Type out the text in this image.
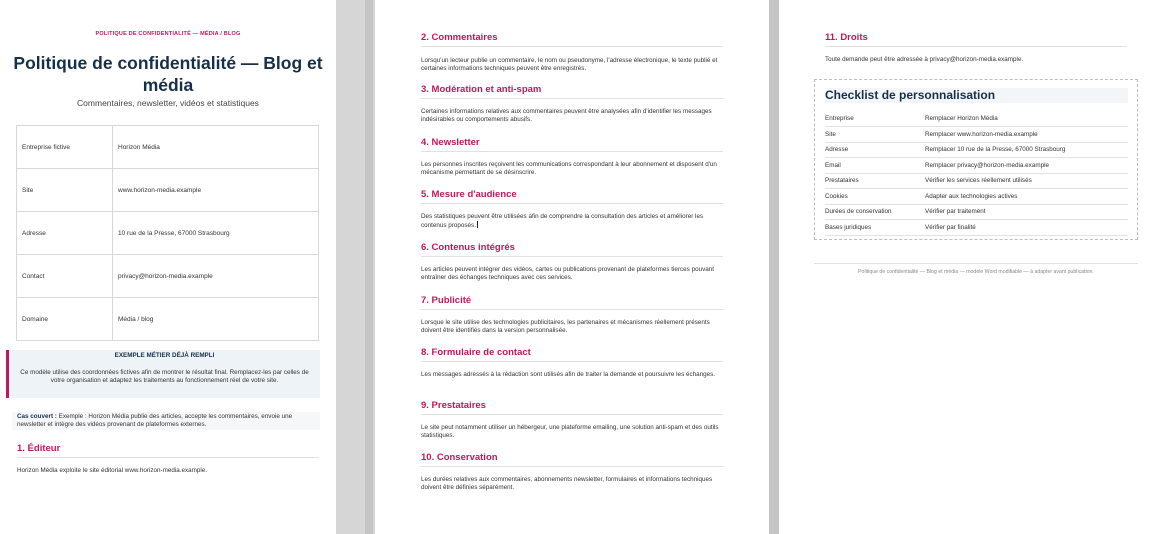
POLITIQUE DE CONFIDENTIALITÉ — MÉDIA / BLOG
Politique de confidentialité — Blog et média
Commentaires, newsletter, vidéos et statistiques
Entreprise fictive	Horizon Média
Site	www.horizon-media.example
Adresse	10 rue de la Presse, 67000 Strasbourg
Contact	privacy@horizon-media.example
Domaine	Média / blog
EXEMPLE MÉTIER DÉJÀ REMPLI
Ce modèle utilise des coordonnées fictives afin de montrer le résultat final. Remplacez-les par celles de votre organisation et adaptez les traitements au fonctionnement réel de votre site.
Cas couvert : Exemple : Horizon Média publie des articles, accepte les commentaires, envoie une newsletter et intègre des vidéos provenant de plateformes externes.
1. Éditeur
Horizon Média exploite le site éditorial www.horizon-media.example.
2. Commentaires
Lorsqu'un lecteur publie un commentaire, le nom ou pseudonyme, l'adresse électronique, le texte publié et certaines informations techniques peuvent être enregistrés.
3. Modération et anti-spam
Certaines informations relatives aux commentaires peuvent être analysées afin d'identifier les messages indésirables ou comportements abusifs.
4. Newsletter
Les personnes inscrites reçoivent les communications correspondant à leur abonnement et disposent d'un mécanisme permettant de se désinscrire.
5. Mesure d'audience
Des statistiques peuvent être utilisées afin de comprendre la consultation des articles et améliorer les contenus proposés.
6. Contenus intégrés
Les articles peuvent intégrer des vidéos, cartes ou publications provenant de plateformes tierces pouvant entraîner des échanges techniques avec ces services.
7. Publicité
Lorsque le site utilise des technologies publicitaires, les partenaires et mécanismes réellement présents doivent être identifiés dans la version personnalisée.
8. Formulaire de contact
Les messages adressés à la rédaction sont utilisés afin de traiter la demande et poursuivre les échanges.
9. Prestataires
Le site peut notamment utiliser un hébergeur, une plateforme emailing, une solution anti-spam et des outils statistiques.
10. Conservation
Les durées relatives aux commentaires, abonnements newsletter, formulaires et informations techniques doivent être définies séparément.
11. Droits
Toute demande peut être adressée à privacy@horizon-media.example.
Checklist de personnalisation
Entreprise	Remplacer Horizon Média
Site	Remplacer www.horizon-media.example
Adresse	Remplacer 10 rue de la Presse, 67000 Strasbourg
Email	Remplacer privacy@horizon-media.example
Prestataires	Vérifier les services réellement utilisés
Cookies	Adapter aux technologies actives
Durées de conservation	Vérifier par traitement
Bases juridiques	Vérifier par finalité
Politique de confidentialité — Blog et média — modèle Word modifiable — à adapter avant publication.
